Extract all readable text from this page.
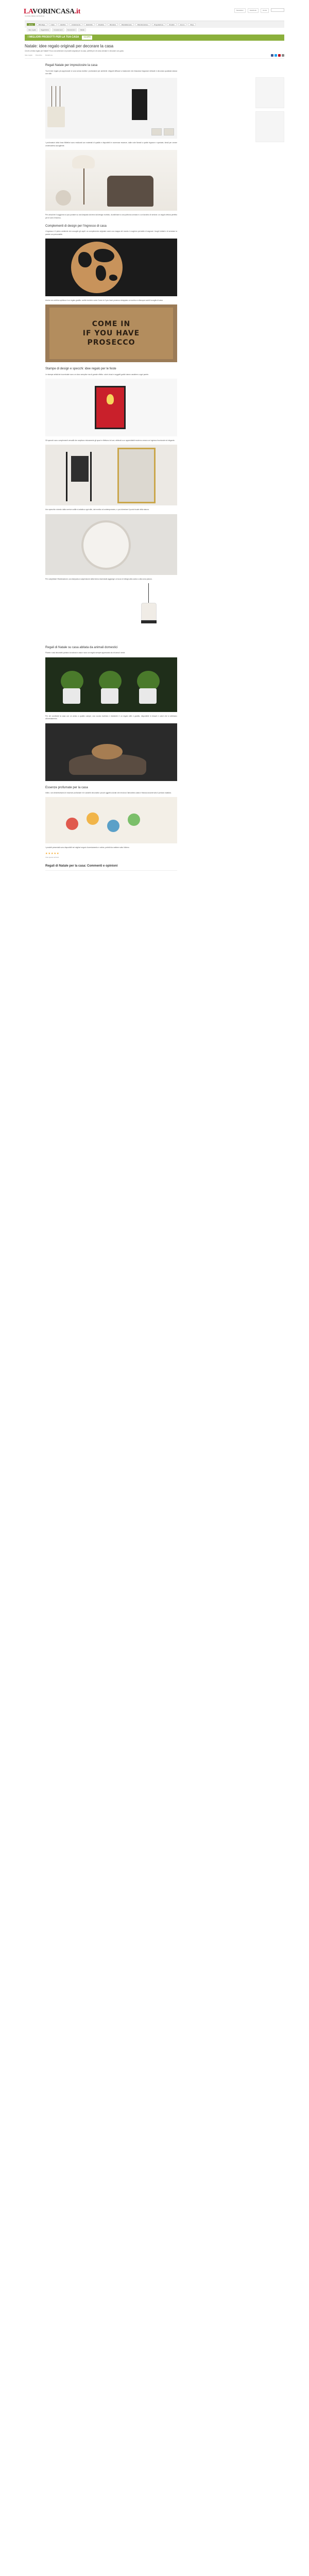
LAVORINCASA.it
Il portale italiano del fai da te
Newsletter	Facebook	Cerca
Home	Bricolage	Casa	Giardino	Arredamento	Elettricità	Idraulica	Muratura	Riscaldamento	Ristrutturazione	Progettazione	Prodotti	Forum	Shop
Idee regalo	Oggettistica	Complementi	Decorazioni	Natale
I MIGLIORI PRODOTTI PER LA TUA CASA	SCOPRI
Natale: idee regalo originali per decorare la casa
Cerchi un'idea regalo per Natale? Ecco una selezione di prodotti originali per la casa, perfetti per chi ama arredare e decorare con gusto.
Idee regalo Dicembre Redazione
Regali Natale per impreziosire la casa

Tra le idee regalo più apprezzate ci sono senza dubbio i profumatori per ambienti: eleganti diffusori a bastoncini che rilasciano fragranze delicate e decorano qualsiasi stanza con stile.

I profumatori della linea Millefiori sono realizzati con materiali di qualità e disponibili in numerose essenze, dalle note floreali a quelle legnose e speziate, ideali per creare un'atmosfera accogliente.

Per arricchire il soggiorno si può puntare su una lampada da terra dal design morbido, da abbinare a una poltrona comoda e a un tavolino di servizio: un angolo lettura perfetto per le sere d'inverno.

Complementi di design per l'ingresso di casa

L'ingresso è il primo ambiente che accoglie gli ospiti: un complemento originale come una mappa del mondo in sughero permette di segnare i luoghi visitati e di arredare la parete con personalità.

Anche uno zerbino spiritoso è un regalo gradito: scritte ironiche come Come in if you have prosecco strappano un sorriso a chiunque varchi la soglia di casa.

COME IN
IF YOU HAVE
PROSECCO
Stampe di design e specchi: idee regalo per le feste

Le stampe artistiche incorniciate sono un dono semplice ma di grande effetto: colori vivaci e soggetti grafici danno carattere a ogni parete.

Gli specchi sono complementi versatili che ampliano visivamente gli spazi e riflettono la luce; abbinati a un appendiabiti moderno creano un ingresso funzionale ed elegante.

Uno specchio rotondo dalla cornice sottile si adatta a ogni stile, dal nordico al contemporaneo, e può diventare il punto focale della stanza.

Per completare l'illuminazione, una lampada a sospensione dalla forma essenziale aggiunge un tocco di design alla cucina o alla zona pranzo.

Regali di Natale su casa abitata da animali domestici

Piante e vasi decorativi portano la natura in casa e sono un regalo sempre apprezzato da chi ama il verde.

Per chi condivide la casa con un amico a quattro zampe, una cuccia morbida e resistente è un regalo utile e gradito, disponibile in tessuti e colori che si abbinano all'arredamento.

Essenze profumate per la casa

Infine, non dimentichiamo le essenze profumate e le candele decorative: piccoli oggetti colorati che rendono l'atmosfera calda e festosa durante tutto il periodo natalizio.

I prodotti presentati sono disponibili nei migliori negozi di arredamento e online, perfetti da mettere sotto l'albero.

★ ★ ★ ★ ★
Vota questo articolo
Regali di Natale per la casa: Commenti e opinioni
